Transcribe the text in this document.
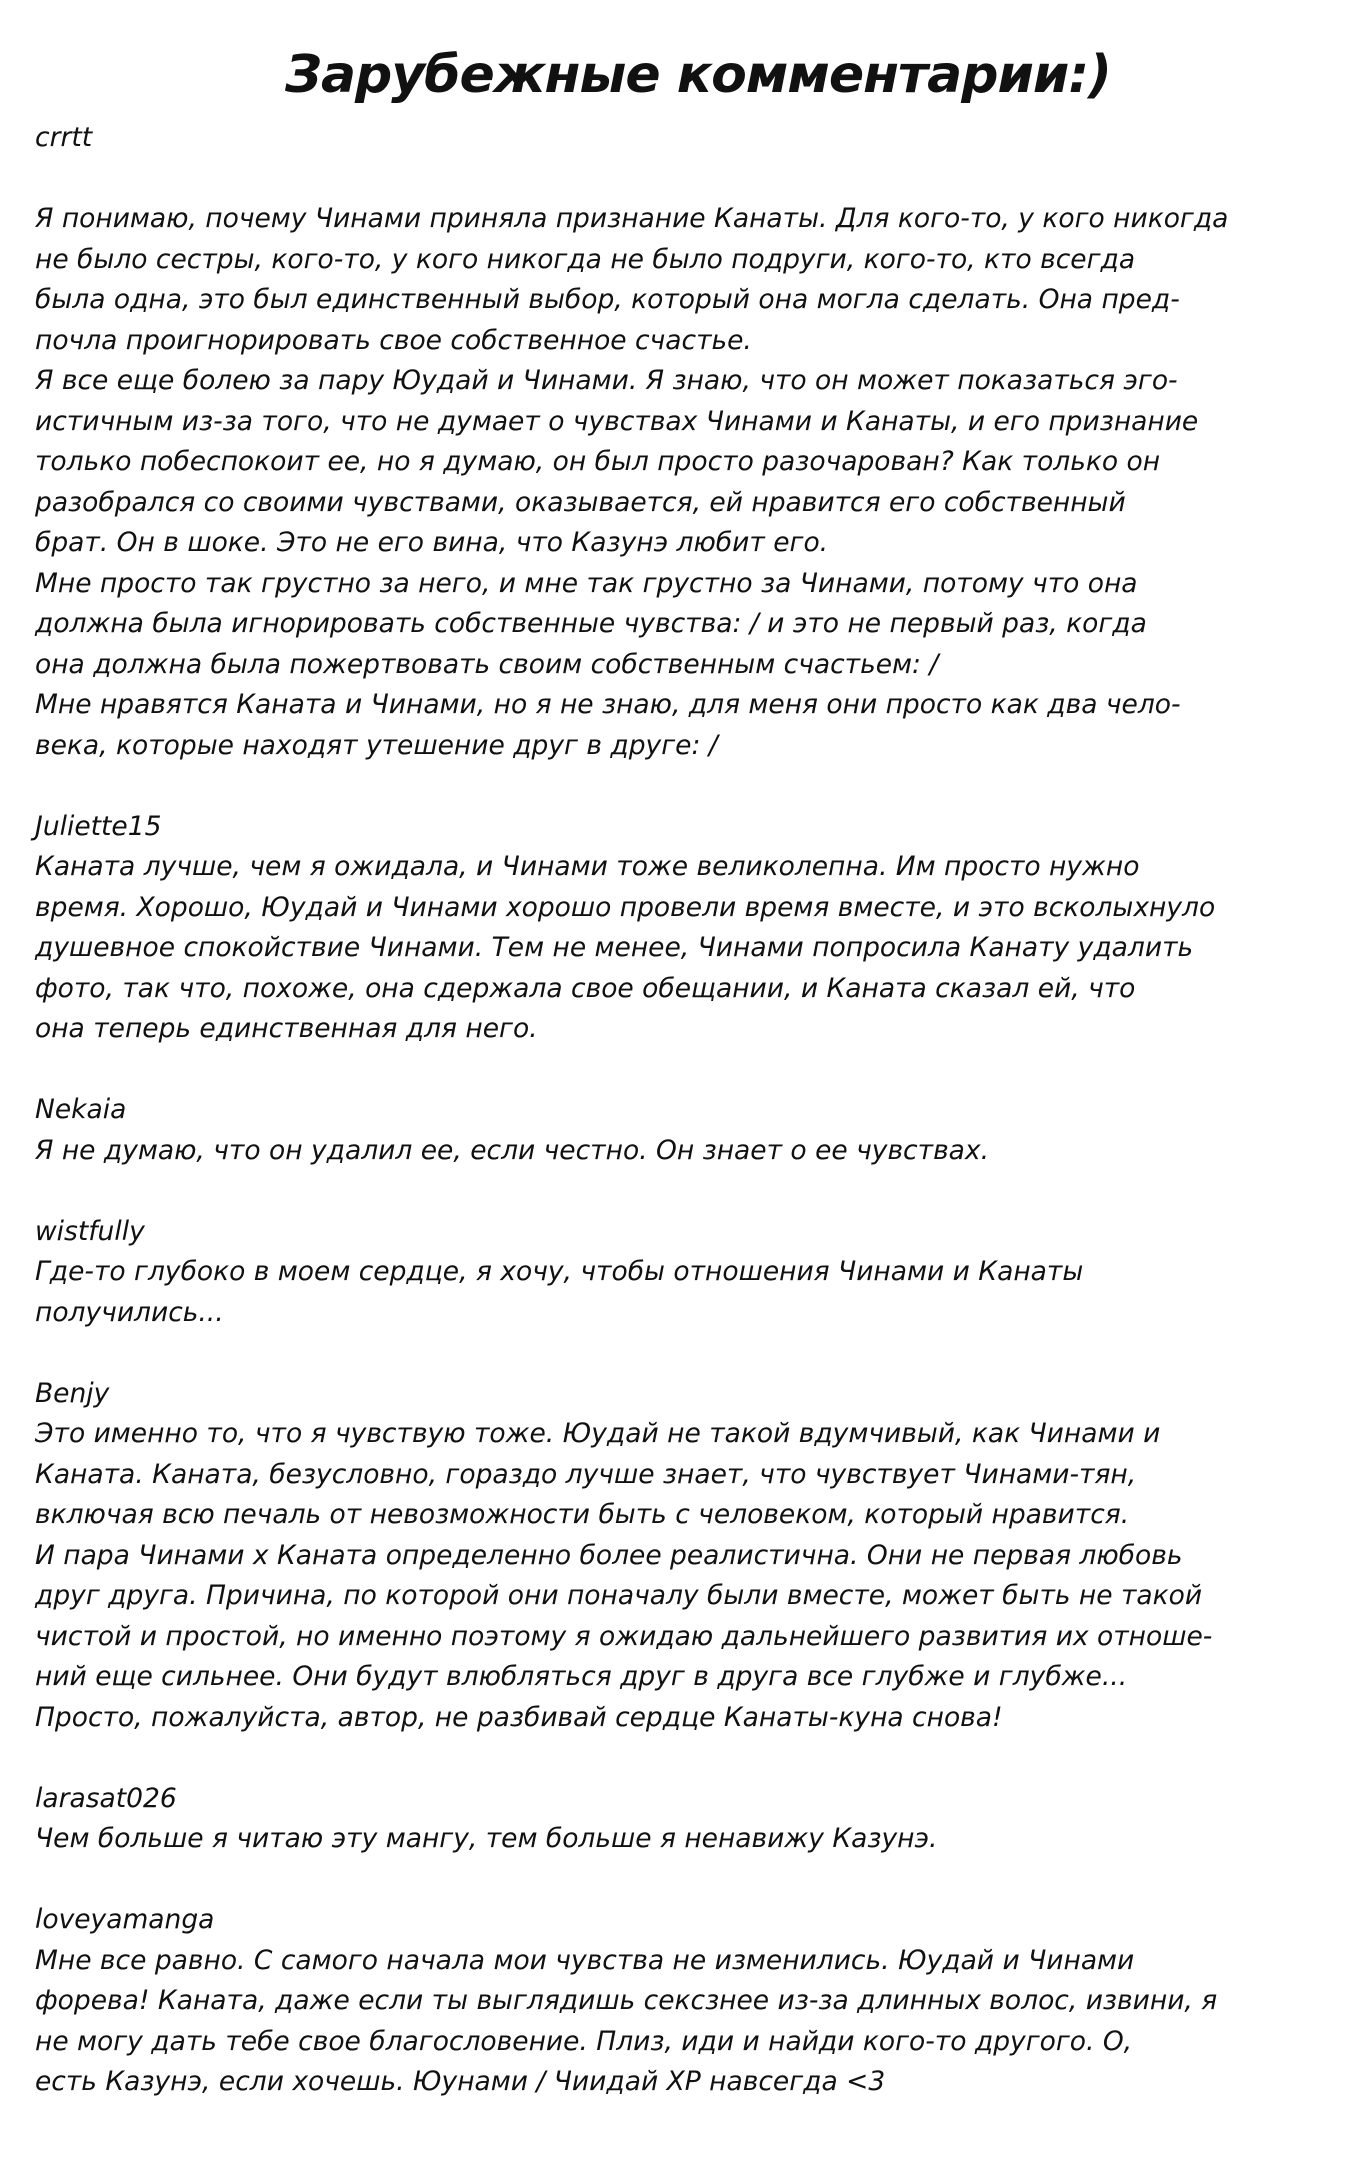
Зарубежные комментарии:)
crrtt
Я понимаю, почему Чинами приняла признание Канаты. Для кого-то, у кого никогда
не было сестры, кого-то, у кого никогда не было подруги, кого-то, кто всегда
была одна, это был единственный выбор, который она могла сделать. Она пред-
почла проигнорировать свое собственное счастье.
Я все еще болею за пару Юудай и Чинами. Я знаю, что он может показаться эго-
истичным из-за того, что не думает о чувствах Чинами и Канаты, и его признание
только побеспокоит ее, но я думаю, он был просто разочарован? Как только он
разобрался со своими чувствами, оказывается, ей нравится его собственный
брат. Он в шоке. Это не его вина, что Казунэ любит его.
Мне просто так грустно за него, и мне так грустно за Чинами, потому что она
должна была игнорировать собственные чувства: / и это не первый раз, когда
она должна была пожертвовать своим собственным счастьем: /
Мне нравятся Каната и Чинами, но я не знаю, для меня они просто как два чело-
века, которые находят утешение друг в друге: /
Juliette15
Каната лучше, чем я ожидала, и Чинами тоже великолепна. Им просто нужно
время. Хорошо, Юудай и Чинами хорошо провели время вместе, и это всколыхнуло
душевное спокойствие Чинами. Тем не менее, Чинами попросила Канату удалить
фото, так что, похоже, она сдержала свое обещании, и Каната сказал ей, что
она теперь единственная для него.
Nekaia
Я не думаю, что он удалил ее, если честно. Он знает о ее чувствах.
wistfully
Где-то глубоко в моем сердце, я хочу, чтобы отношения Чинами и Канаты
получились...
Benjy
Это именно то, что я чувствую тоже. Юудай не такой вдумчивый, как Чинами и
Каната. Каната, безусловно, гораздо лучше знает, что чувствует Чинами-тян,
включая всю печаль от невозможности быть с человеком, который нравится.
И пара Чинами x Каната определенно более реалистична. Они не первая любовь
друг друга. Причина, по которой они поначалу были вместе, может быть не такой
чистой и простой, но именно поэтому я ожидаю дальнейшего развития их отноше-
ний еще сильнее. Они будут влюбляться друг в друга все глубже и глубже...
Просто, пожалуйста, автор, не разбивай сердце Канаты-куна снова!
larasat026
Чем больше я читаю эту мангу, тем больше я ненавижу Казунэ.
loveyamanga
Мне все равно. С самого начала мои чувства не изменились. Юудай и Чинами
форева! Каната, даже если ты выглядишь сексзнее из-за длинных волос, извини, я
не могу дать тебе свое благословение. Плиз, иди и найди кого-то другого. О,
есть Казунэ, если хочешь. Юунами / Чиидай XP навсегда <3
